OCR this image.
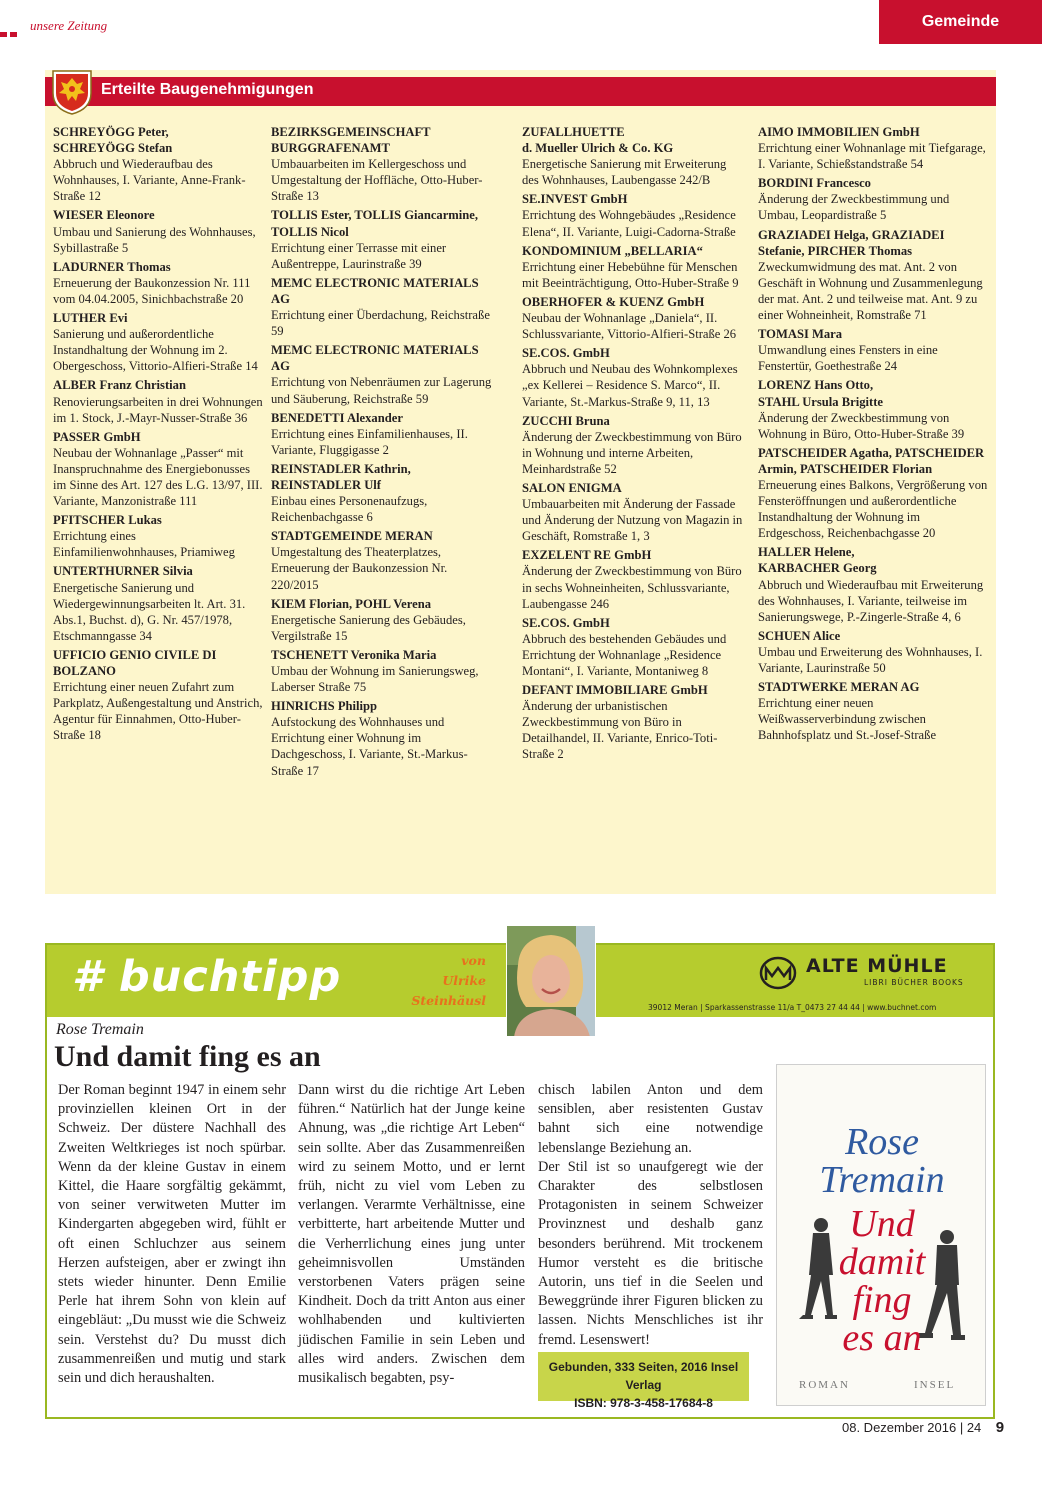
unsere Zeitung	Gemeinde
Erteilte Baugenehmigungen
SCHREYÖGG Peter,
SCHREYÖGG Stefan
Abbruch und Wiederaufbau des Wohnhauses, I. Variante, Anne-Frank-Straße 12
WIESER Eleonore
Umbau und Sanierung des Wohnhauses, Sybillastraße 5
LADURNER Thomas
Erneuerung der Baukonzession Nr. 111 vom 04.04.2005, Sinichbachstraße 20
LUTHER Evi
Sanierung und außerordentliche Instandhaltung der Wohnung im 2. Obergeschoss, Vittorio-Alfieri-Straße 14
ALBER Franz Christian
Renovierungsarbeiten in drei Wohnungen im 1. Stock, J.-Mayr-Nusser-Straße 36
PASSER GmbH
Neubau der Wohnanlage „Passer“ mit Inanspruchnahme des Energiebonusses im Sinne des Art. 127 des L.G. 13/97, III. Variante, Manzonistraße 111
PFITSCHER Lukas
Errichtung eines Einfamilienwohnhauses, Priamiweg
UNTERTHURNER Silvia
Energetische Sanierung und Wiedergewinnungsarbeiten lt. Art. 31. Abs.1, Buchst. d), G. Nr. 457/1978, Etschmanngasse 34
UFFICIO GENIO CIVILE DI BOLZANO
Errichtung einer neuen Zufahrt zum Parkplatz, Außengestaltung und Anstrich, Agentur für Einnahmen, Otto-Huber-Straße 18
BEZIRKSGEMEINSCHAFT BURGGRAFENAMT
Umbauarbeiten im Kellergeschoss und Umgestaltung der Hoffläche, Otto-Huber-Straße 13
TOLLIS Ester, TOLLIS Giancarmine, TOLLIS Nicol
Errichtung einer Terrasse mit einer Außentreppe, Laurinstraße 39
MEMC ELECTRONIC MATERIALS AG
Errichtung einer Überdachung, Reichstraße 59
MEMC ELECTRONIC MATERIALS AG
Errichtung von Nebenräumen zur Lagerung und Säuberung, Reichstraße 59
BENEDETTI Alexander
Errichtung eines Einfamilienhauses, II. Variante, Fluggigasse 2
REINSTADLER Kathrin,
REINSTADLER Ulf
Einbau eines Personenaufzugs, Reichenbachgasse 6
STADTGEMEINDE MERAN
Umgestaltung des Theaterplatzes, Erneuerung der Baukonzession Nr. 220/2015
KIEM Florian, POHL Verena
Energetische Sanierung des Gebäudes, Vergilstraße 15
TSCHENETT Veronika Maria
Umbau der Wohnung im Sanierungsweg, Laberser Straße 75
HINRICHS Philipp
Aufstockung des Wohnhauses und Errichtung einer Wohnung im Dachgeschoss, I. Variante, St.-Markus-Straße 17
ZUFALLHUETTE
d. Mueller Ulrich & Co. KG
Energetische Sanierung mit Erweiterung des Wohnhauses, Laubengasse 242/B
SE.INVEST GmbH
Errichtung des Wohngebäudes „Residence Elena“, II. Variante, Luigi-Cadorna-Straße
KONDOMINIUM „BELLARIA“
Errichtung einer Hebebühne für Menschen mit Beeinträchtigung, Otto-Huber-Straße 9
OBERHOFER & KUENZ GmbH
Neubau der Wohnanlage „Daniela“, II. Schlussvariante, Vittorio-Alfieri-Straße 26
SE.COS. GmbH
Abbruch und Neubau des Wohnkomplexes „ex Kellerei – Residence S. Marco“, II. Variante, St.-Markus-Straße 9, 11, 13
ZUCCHI Bruna
Änderung der Zweckbestimmung von Büro in Wohnung und interne Arbeiten, Meinhardstraße 52
SALON ENIGMA
Umbauarbeiten mit Änderung der Fassade und Änderung der Nutzung von Magazin in Geschäft, Romstraße 1, 3
EXZELENT RE GmbH
Änderung der Zweckbestimmung von Büro in sechs Wohneinheiten, Schlussvariante, Laubengasse 246
SE.COS. GmbH
Abbruch des bestehenden Gebäudes und Errichtung der Wohnanlage „Residence Montani“, I. Variante, Montaniweg 8
DEFANT IMMOBILIARE GmbH
Änderung der urbanistischen Zweckbestimmung von Büro in Detailhandel, II. Variante, Enrico-Toti-Straße 2
AIMO IMMOBILIEN GmbH
Errichtung einer Wohnanlage mit Tiefgarage, I. Variante, Schießstandstraße 54
BORDINI Francesco
Änderung der Zweckbestimmung und Umbau, Leopardistraße 5
GRAZIADEI Helga, GRAZIADEI Stefanie, PIRCHER Thomas
Zweckumwidmung des mat. Ant. 2 von Geschäft in Wohnung und Zusammenlegung der mat. Ant. 2 und teilweise mat. Ant. 9 zu einer Wohneinheit, Romstraße 71
TOMASI Mara
Umwandlung eines Fensters in eine Fenstertür, Goethestraße 24
LORENZ Hans Otto,
STAHL Ursula Brigitte
Änderung der Zweckbestimmung von Wohnung in Büro, Otto-Huber-Straße 39
PATSCHEIDER Agatha, PATSCHEIDER Armin, PATSCHEIDER Florian
Erneuerung eines Balkons, Vergrößerung von Fensteröffnungen und außerordentliche Instandhaltung der Wohnung im Erdgeschoss, Reichenbachgasse 20
HALLER Helene,
KARBACHER Georg
Abbruch und Wiederaufbau mit Erweiterung des Wohnhauses, I. Variante, teilweise im Sanierungswege, P.-Zingerle-Straße 4, 6
SCHUEN Alice
Umbau und Erweiterung des Wohnhauses, I. Variante, Laurinstraße 50
STADTWERKE MERAN AG
Errichtung einer neuen Weißwasserverbindung zwischen Bahnhofsplatz und St.-Josef-Straße
# buchtipp	von
Ulrike
Steinhäusl
ALTE MÜHLE
LIBRI BÜCHER BOOKS
39012 Meran | Sparkassenstrasse 11/a T_0473 27 44 44 | www.buchnet.com
Rose Tremain
Und damit fing es an
Der Roman beginnt 1947 in einem sehr provinziellen kleinen Ort in der Schweiz. Der düstere Nachhall des Zweiten Weltkrieges ist noch spürbar. Wenn da der kleine Gustav in einem Kittel, die Haare sorgfältig gekämmt, von seiner verwitweten Mutter im Kindergarten abgegeben wird, fühlt er oft einen Schluchzer aus seinem Herzen aufsteigen, aber er zwingt ihn stets wieder hinunter. Denn Emilie Perle hat ihrem Sohn von klein auf eingebläut: „Du musst wie die Schweiz sein. Verstehst du? Du musst dich zusammenreißen und mutig und stark sein und dich heraushalten.
Dann wirst du die richtige Art Leben führen.“ Natürlich hat der Junge keine Ahnung, was „die richtige Art Leben“ sein sollte. Aber das Zusammenreißen wird zu seinem Motto, und er lernt früh, nicht zu viel vom Leben zu verlangen. Verarmte Verhältnisse, eine verbitterte, hart arbeitende Mutter und die Verherrlichung eines jung unter geheimnisvollen Umständen verstorbenen Vaters prägen seine Kindheit. Doch da tritt Anton aus einer wohlhabenden und kultivierten jüdischen Familie in sein Leben und alles wird anders. Zwischen dem musikalisch begabten, psy-
chisch labilen Anton und dem sensiblen, aber resistenten Gustav bahnt sich eine notwendige lebenslange Beziehung an.
Der Stil ist so unaufgeregt wie der Charakter des selbstlosen Protagonisten in seinem Schweizer Provinznest und deshalb ganz besonders berührend. Mit trockenem Humor versteht es die britische Autorin, uns tief in die Seelen und Beweggründe ihrer Figuren blicken zu lassen. Nichts Menschliches ist ihr fremd. Lesenswert!
Gebunden, 333 Seiten, 2016 Insel Verlag
ISBN: 978-3-458-17684-8
Rose
Tremain
Und
damit
fing
es an
ROMAN	INSEL
08. Dezember 2016 | 24 9
